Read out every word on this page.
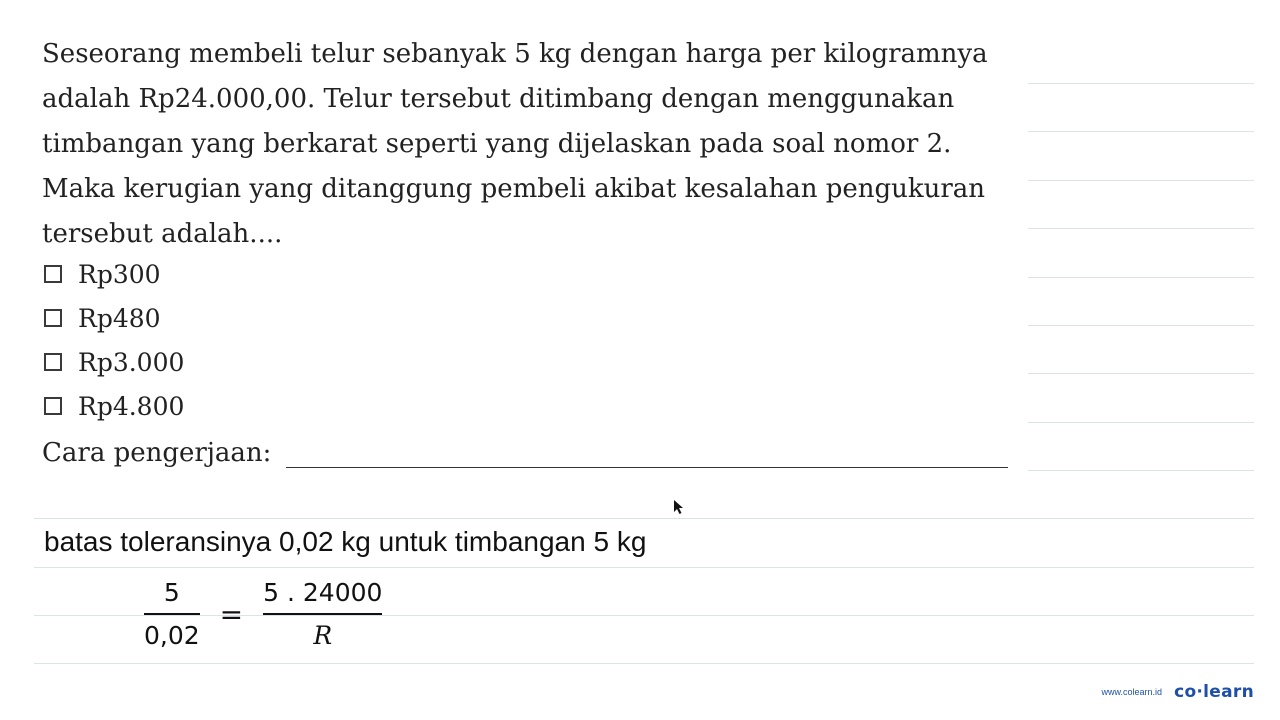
Seseorang membeli telur sebanyak 5 kg dengan harga per kilogramnya
adalah Rp24.000,00. Telur tersebut ditimbang dengan menggunakan
timbangan yang berkarat seperti yang dijelaskan pada soal nomor 2.
Maka kerugian yang ditanggung pembeli akibat kesalahan pengukuran
tersebut adalah....
Rp300
Rp480
Rp3.000
Rp4.800
Cara pengerjaan:
batas toleransinya 0,02 kg untuk timbangan 5 kg
$\frac{5}{0,02} = \frac{5 . 24000}{R}$
www.colearn.id co·learn
